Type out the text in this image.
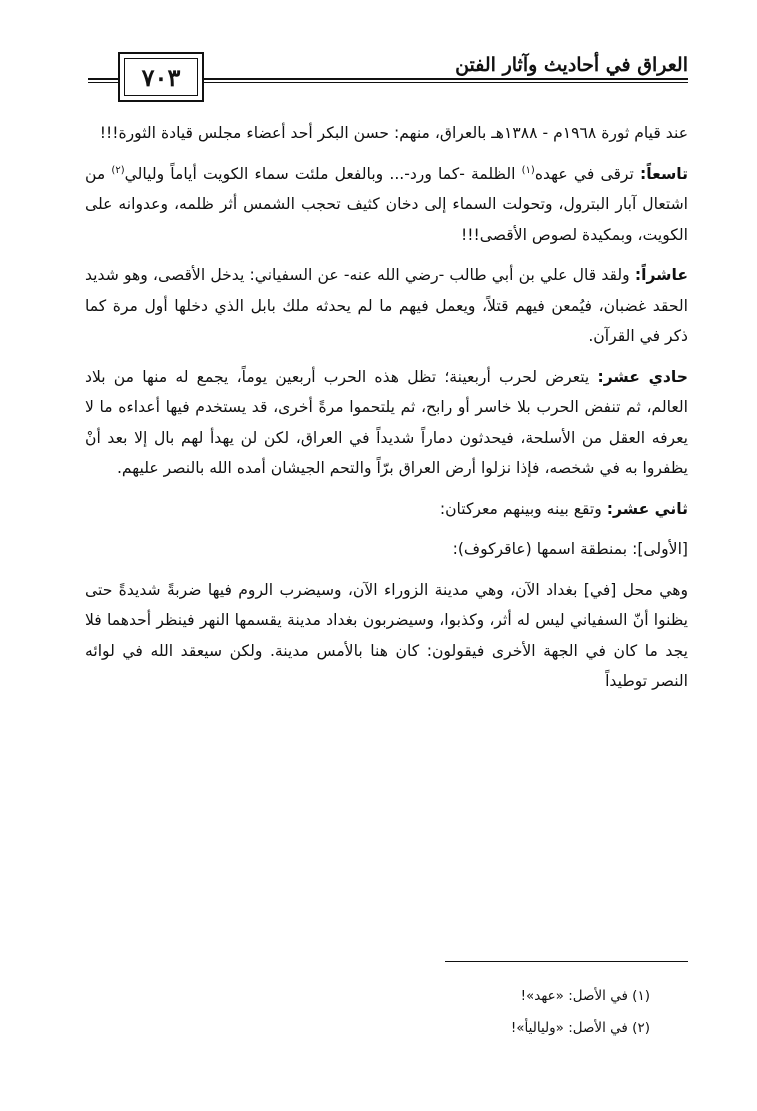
٧٠٣	العراق في أحاديث وآثار الفتن

عند قيام ثورة ١٩٦٨م - ١٣٨٨هـ بالعراق، منهم: حسن البكر أحد أعضاء مجلس قيادة الثورة!!!

تاسعاً: ترقى في عهده$^{(١)}$ الظلمة -كما ورد-... وبالفعل ملئت سماء الكويت أياماً وليالي$^{(٢)}$ من اشتعال آبار البترول، وتحولت السماء إلى دخان كثيف تحجب الشمس أثر ظلمه، وعدوانه على الكويت، وبمكيدة لصوص الأقصى!!!

عاشراً: ولقد قال علي بن أبي طالب -رضي الله عنه- عن السفياني: يدخل الأقصى، وهو شديد الحقد غضبان، فيُمعن فيهم قتلاً، ويعمل فيهم ما لم يحدثه ملك بابل الذي دخلها أول مرة كما ذكر في القرآن.

حادي عشر: يتعرض لحرب أربعينة؛ تظل هذه الحرب أربعين يوماً، يجمع له منها من بلاد العالم، ثم تنفض الحرب بلا خاسر أو رابح، ثم يلتحموا مرةً أخرى، قد يستخدم فيها أعداءه ما لا يعرفه العقل من الأسلحة، فيحدثون دماراً شديداً في العراق، لكن لن يهدأ لهم بال إلا بعد أنْ يظفروا به في شخصه، فإذا نزلوا أرض العراق برّاً والتحم الجيشان أمده الله بالنصر عليهم.

ثاني عشر: وتقع بينه وبينهم معركتان:

[الأولى]: بمنطقة اسمها (عاقركوف):

وهي محل [في] بغداد الآن، وهي مدينة الزوراء الآن، وسيضرب الروم فيها ضربةً شديدةً حتى يظنوا أنّ السفياني ليس له أثر، وكذبوا، وسيضربون بغداد مدينة يقسمها النهر فينظر أحدهما فلا يجد ما كان في الجهة الأخرى فيقولون: كان هنا بالأمس مدينة. ولكن سيعقد الله في لوائه النصر توطيداً

(١) في الأصل: «عهد»!
(٢) في الأصل: «ولياليأ»!
